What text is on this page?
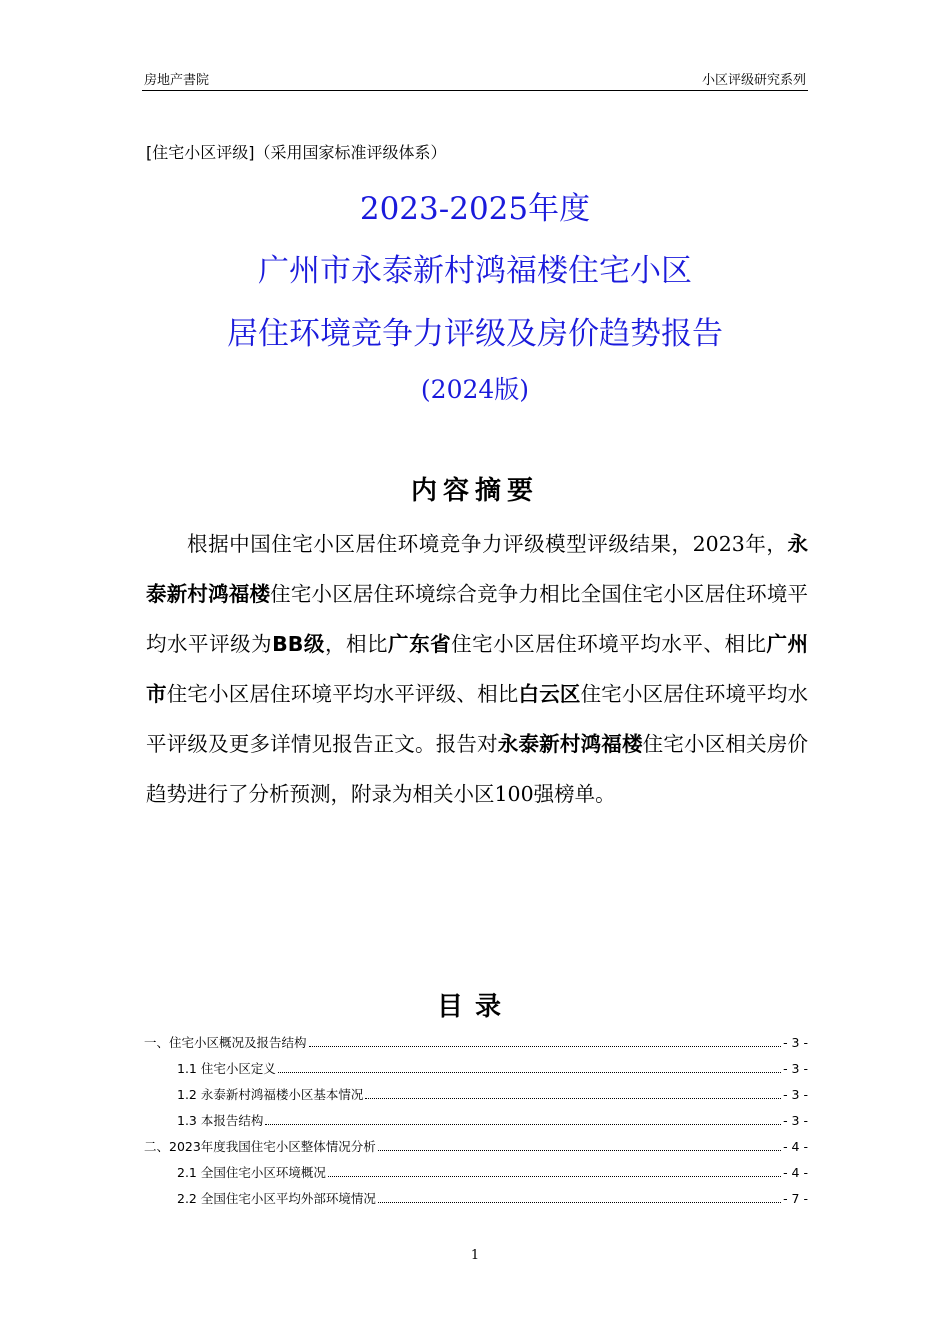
房地产書院	小区评级研究系列
[住宅小区评级]（采用国家标准评级体系）
2023-2025年度
广州市永泰新村鸿福楼住宅小区
居住环境竞争力评级及房价趋势报告
(2024版)
内容摘要

根据中国住宅小区居住环境竞争力评级模型评级结果，2023年，永泰新村鸿福楼住宅小区居住环境综合竞争力相比全国住宅小区居住环境平均水平评级为BB级，相比广东省住宅小区居住环境平均水平、相比广州市住宅小区居住环境平均水平评级、相比白云区住宅小区居住环境平均水平评级及更多详情见报告正文。报告对永泰新村鸿福楼住宅小区相关房价趋势进行了分析预测，附录为相关小区100强榜单。

目录
一、住宅小区概况及报告结构	- 3 -
1.1 住宅小区定义	- 3 -
1.2 永泰新村鸿福楼小区基本情况	- 3 -
1.3 本报告结构	- 3 -
二、2023年度我国住宅小区整体情况分析	- 4 -
2.1 全国住宅小区环境概况	- 4 -
2.2 全国住宅小区平均外部环境情况	- 7 -
1
